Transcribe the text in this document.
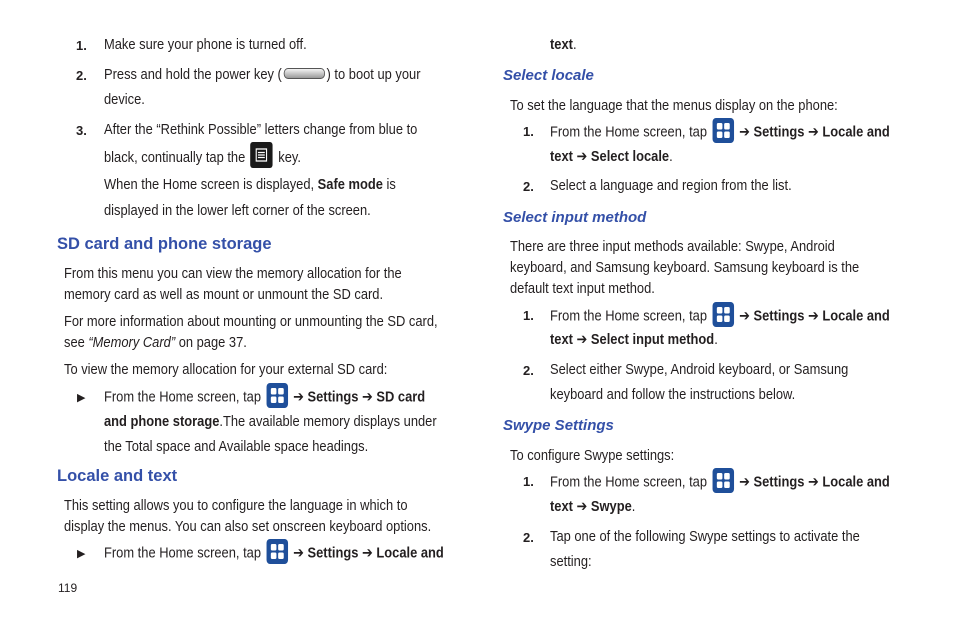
1. Make sure your phone is turned off.
2. Press and hold the power key (	) to boot up your
device.
3. After the “Rethink Possible” letters change from blue to
black, continually tap the key.
When the Home screen is displayed, Safe mode is
displayed in the lower left corner of the screen.
SD card and phone storage
From this menu you can view the memory allocation for the
memory card as well as mount or unmount the SD card.
For more information about mounting or unmounting the SD card,
see “Memory Card” on page 37.
To view the memory allocation for your external SD card:
▶ From the Home screen, tap ➔ Settings ➔ SD card
and phone storage.The available memory displays under
the Total space and Available space headings.
Locale and text
This setting allows you to configure the language in which to
display the menus. You can also set onscreen keyboard options.
▶ From the Home screen, tap ➔ Settings ➔ Locale and
119
text.
Select locale
To set the language that the menus display on the phone:
1. From the Home screen, tap ➔ Settings ➔ Locale and
text ➔ Select locale.
2. Select a language and region from the list.
Select input method
There are three input methods available: Swype, Android
keyboard, and Samsung keyboard. Samsung keyboard is the
default text input method.
1. From the Home screen, tap ➔ Settings ➔ Locale and
text ➔ Select input method.
2. Select either Swype, Android keyboard, or Samsung
keyboard and follow the instructions below.
Swype Settings
To configure Swype settings:
1. From the Home screen, tap ➔ Settings ➔ Locale and
text ➔ Swype.
2. Tap one of the following Swype settings to activate the
setting:
